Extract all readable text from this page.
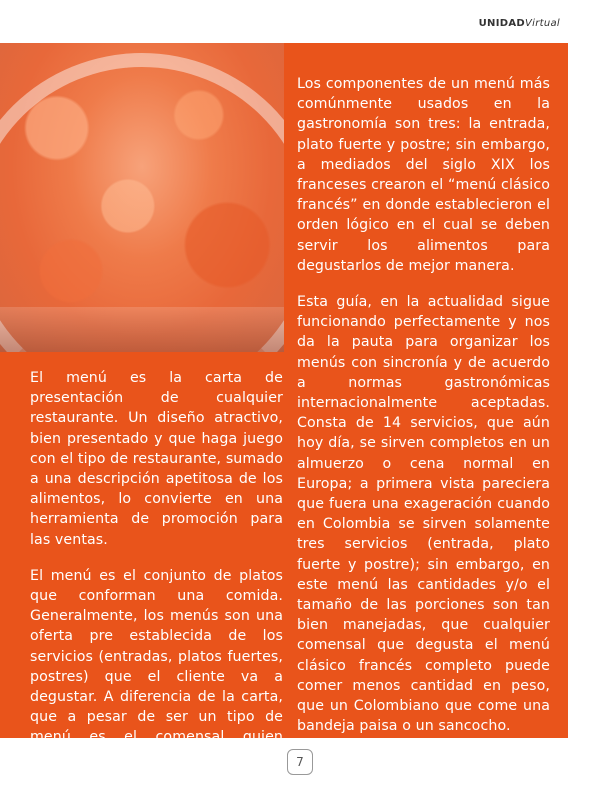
UNIDADVirtual

El menú es la carta de presentación de cualquier restaurante. Un diseño atractivo, bien presentado y que haga juego con el tipo de restaurante, sumado a una descripción apetitosa de los alimentos, lo convierte en una herramienta de promoción para las ventas.

El menú es el conjunto de platos que conforman una comida. Generalmente, los menús son una oferta pre establecida de los servicios (entradas, platos fuertes, postres) que el cliente va a degustar. A diferencia de la carta, que a pesar de ser un tipo de menú es el comensal quien elabora o diseña su ingesta.

Los componentes de un menú más comúnmente usados en la gastronomía son tres: la entrada, plato fuerte y postre; sin embargo, a mediados del siglo XIX los franceses crearon el “menú clásico francés” en donde establecieron el orden lógico en el cual se deben servir los alimentos para degustarlos de mejor manera.

Esta guía, en la actualidad sigue funcionando perfectamente y nos da la pauta para organizar los menús con sincronía y de acuerdo a normas gastronómicas internacionalmente aceptadas. Consta de 14 servicios, que aún hoy día, se sirven completos en un almuerzo o cena normal en Europa; a primera vista pareciera que fuera una exageración cuando en Colombia se sirven solamente tres servicios (entrada, plato fuerte y postre); sin embargo, en este menú las cantidades y/o el tamaño de las porciones son tan bien manejadas, que cualquier comensal que degusta el menú clásico francés completo puede comer menos cantidad en peso, que un Colombiano que come una bandeja paisa o un sancocho.

7
